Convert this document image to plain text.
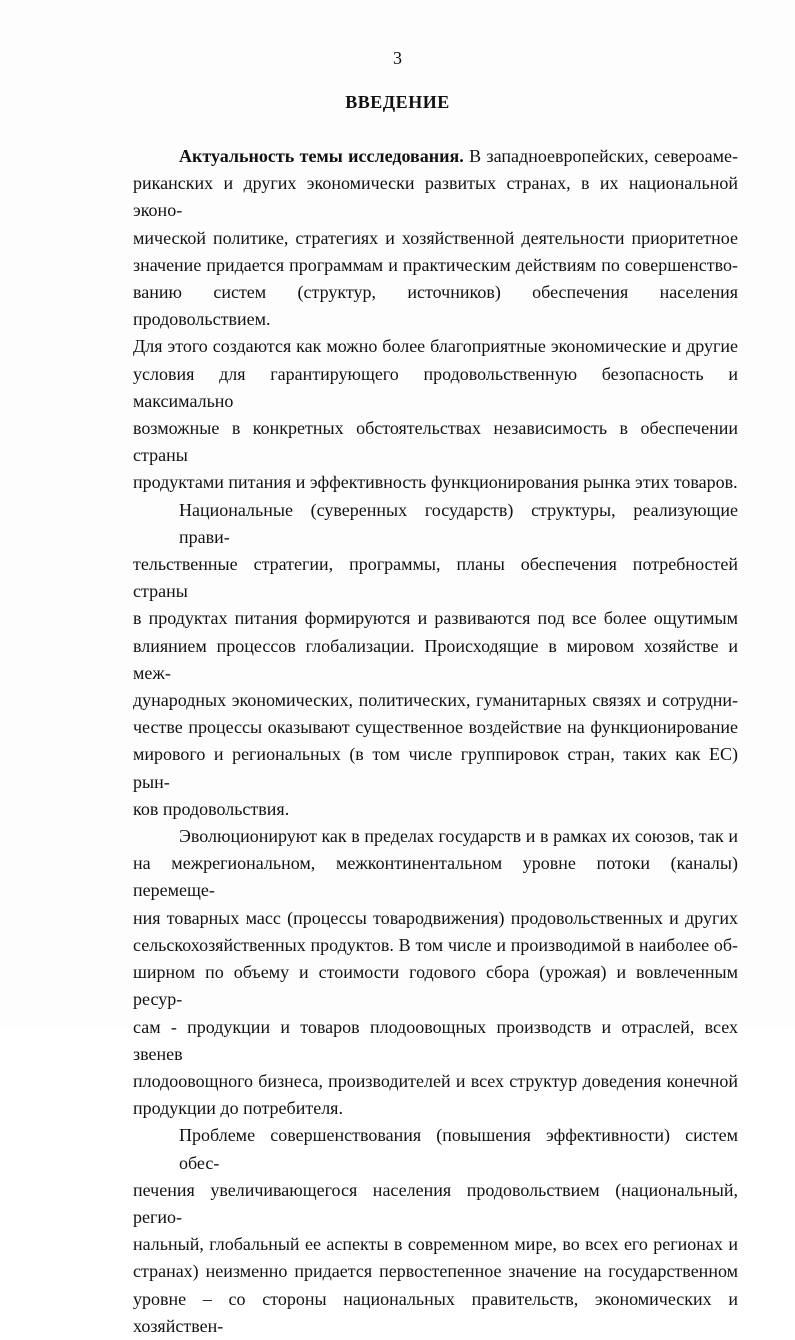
3
ВВЕДЕНИЕ
Актуальность темы исследования. В западноевропейских, североаме-
риканских и других экономически развитых странах, в их национальной эконо-
мической политике, стратегиях и хозяйственной деятельности приоритетное
значение придается программам и практическим действиям по совершенство-
ванию систем (структур, источников) обеспечения населения продовольствием.
Для этого создаются как можно более благоприятные экономические и другие
условия для гарантирующего продовольственную безопасность и максимально
возможные в конкретных обстоятельствах независимость в обеспечении страны
продуктами питания и эффективность функционирования рынка этих товаров.
Национальные (суверенных государств) структуры, реализующие прави-
тельственные стратегии, программы, планы обеспечения потребностей страны
в продуктах питания формируются и развиваются под все более ощутимым
влиянием процессов глобализации. Происходящие в мировом хозяйстве и меж-
дународных экономических, политических, гуманитарных связях и сотрудни-
честве процессы оказывают существенное воздействие на функционирование
мирового и региональных (в том числе группировок стран, таких как ЕС) рын-
ков продовольствия.
Эволюционируют как в пределах государств и в рамках их союзов, так и
на межрегиональном, межконтинентальном уровне потоки (каналы) перемеще-
ния товарных масс (процессы товародвижения) продовольственных и других
сельскохозяйственных продуктов. В том числе и производимой в наиболее об-
ширном по объему и стоимости годового сбора (урожая) и вовлеченным ресур-
сам - продукции и товаров плодоовощных производств и отраслей, всех звенев
плодоовощного бизнеса, производителей и всех структур доведения конечной
продукции до потребителя.
Проблеме совершенствования (повышения эффективности) систем обес-
печения увеличивающегося населения продовольствием (национальный, регио-
нальный, глобальный ее аспекты в современном мире, во всех его регионах и
странах) неизменно придается первостепенное значение на государственном
уровне – со стороны национальных правительств, экономических и хозяйствен-
